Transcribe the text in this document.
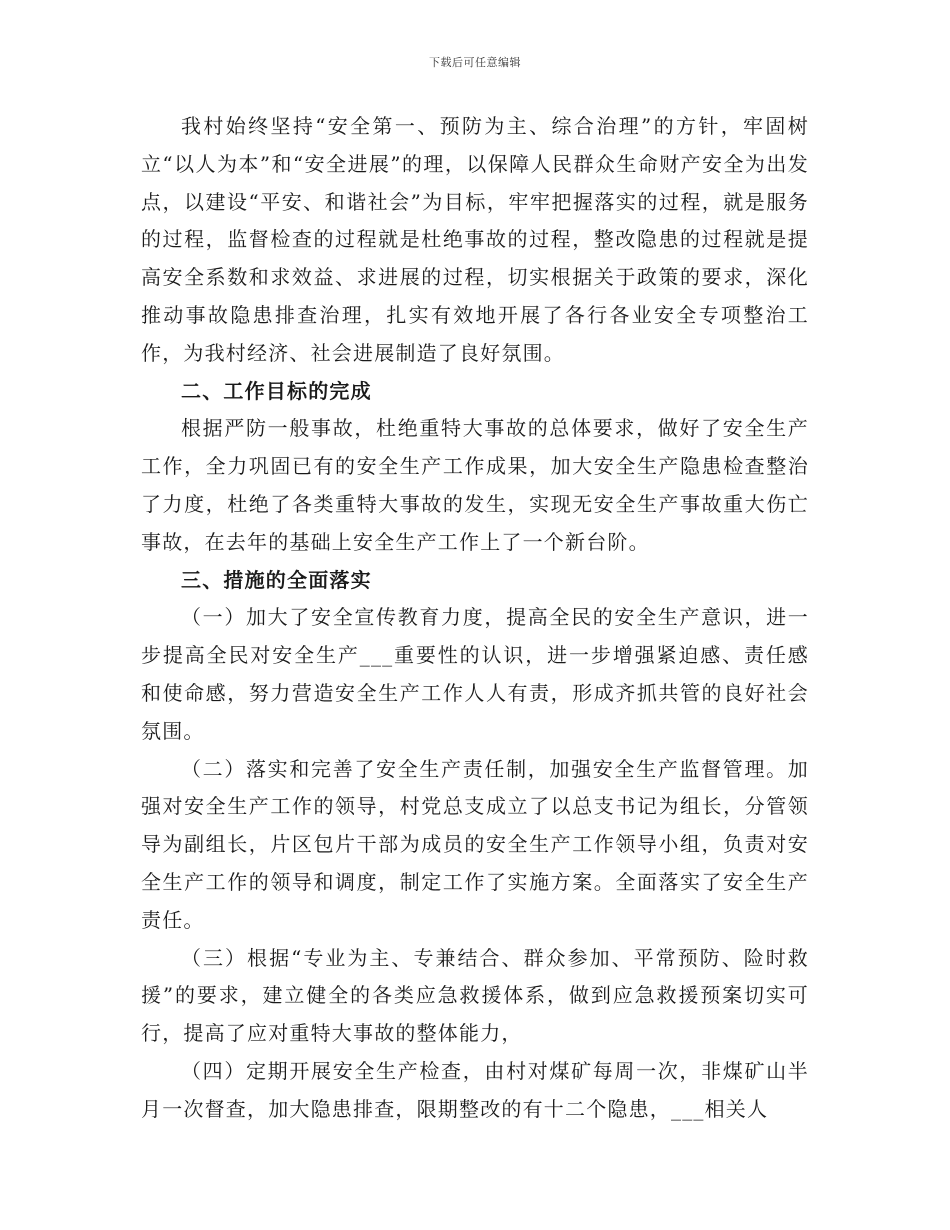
下载后可任意编辑

我村始终坚持“安全第一、预防为主、综合治理”的方针，牢固树立“以人为本”和“安全进展”的理，以保障人民群众生命财产安全为出发点，以建设“平安、和谐社会”为目标，牢牢把握落实的过程，就是服务的过程，监督检查的过程就是杜绝事故的过程，整改隐患的过程就是提高安全系数和求效益、求进展的过程，切实根据关于政策的要求，深化推动事故隐患排查治理，扎实有效地开展了各行各业安全专项整治工作，为我村经济、社会进展制造了良好氛围。

二、工作目标的完成

根据严防一般事故，杜绝重特大事故的总体要求，做好了安全生产工作，全力巩固已有的安全生产工作成果，加大安全生产隐患检查整治了力度，杜绝了各类重特大事故的发生，实现无安全生产事故重大伤亡事故，在去年的基础上安全生产工作上了一个新台阶。

三、措施的全面落实

（一）加大了安全宣传教育力度，提高全民的安全生产意识，进一步提高全民对安全生产___重要性的认识，进一步增强紧迫感、责任感和使命感，努力营造安全生产工作人人有责，形成齐抓共管的良好社会氛围。

（二）落实和完善了安全生产责任制，加强安全生产监督管理。加强对安全生产工作的领导，村党总支成立了以总支书记为组长，分管领导为副组长，片区包片干部为成员的安全生产工作领导小组，负责对安全生产工作的领导和调度，制定工作了实施方案。全面落实了安全生产责任。

（三）根据“专业为主、专兼结合、群众参加、平常预防、险时救援”的要求，建立健全的各类应急救援体系，做到应急救援预案切实可行，提高了应对重特大事故的整体能力，

（四）定期开展安全生产检查，由村对煤矿每周一次，非煤矿山半月一次督查，加大隐患排查，限期整改的有十二个隐患，___相关人
